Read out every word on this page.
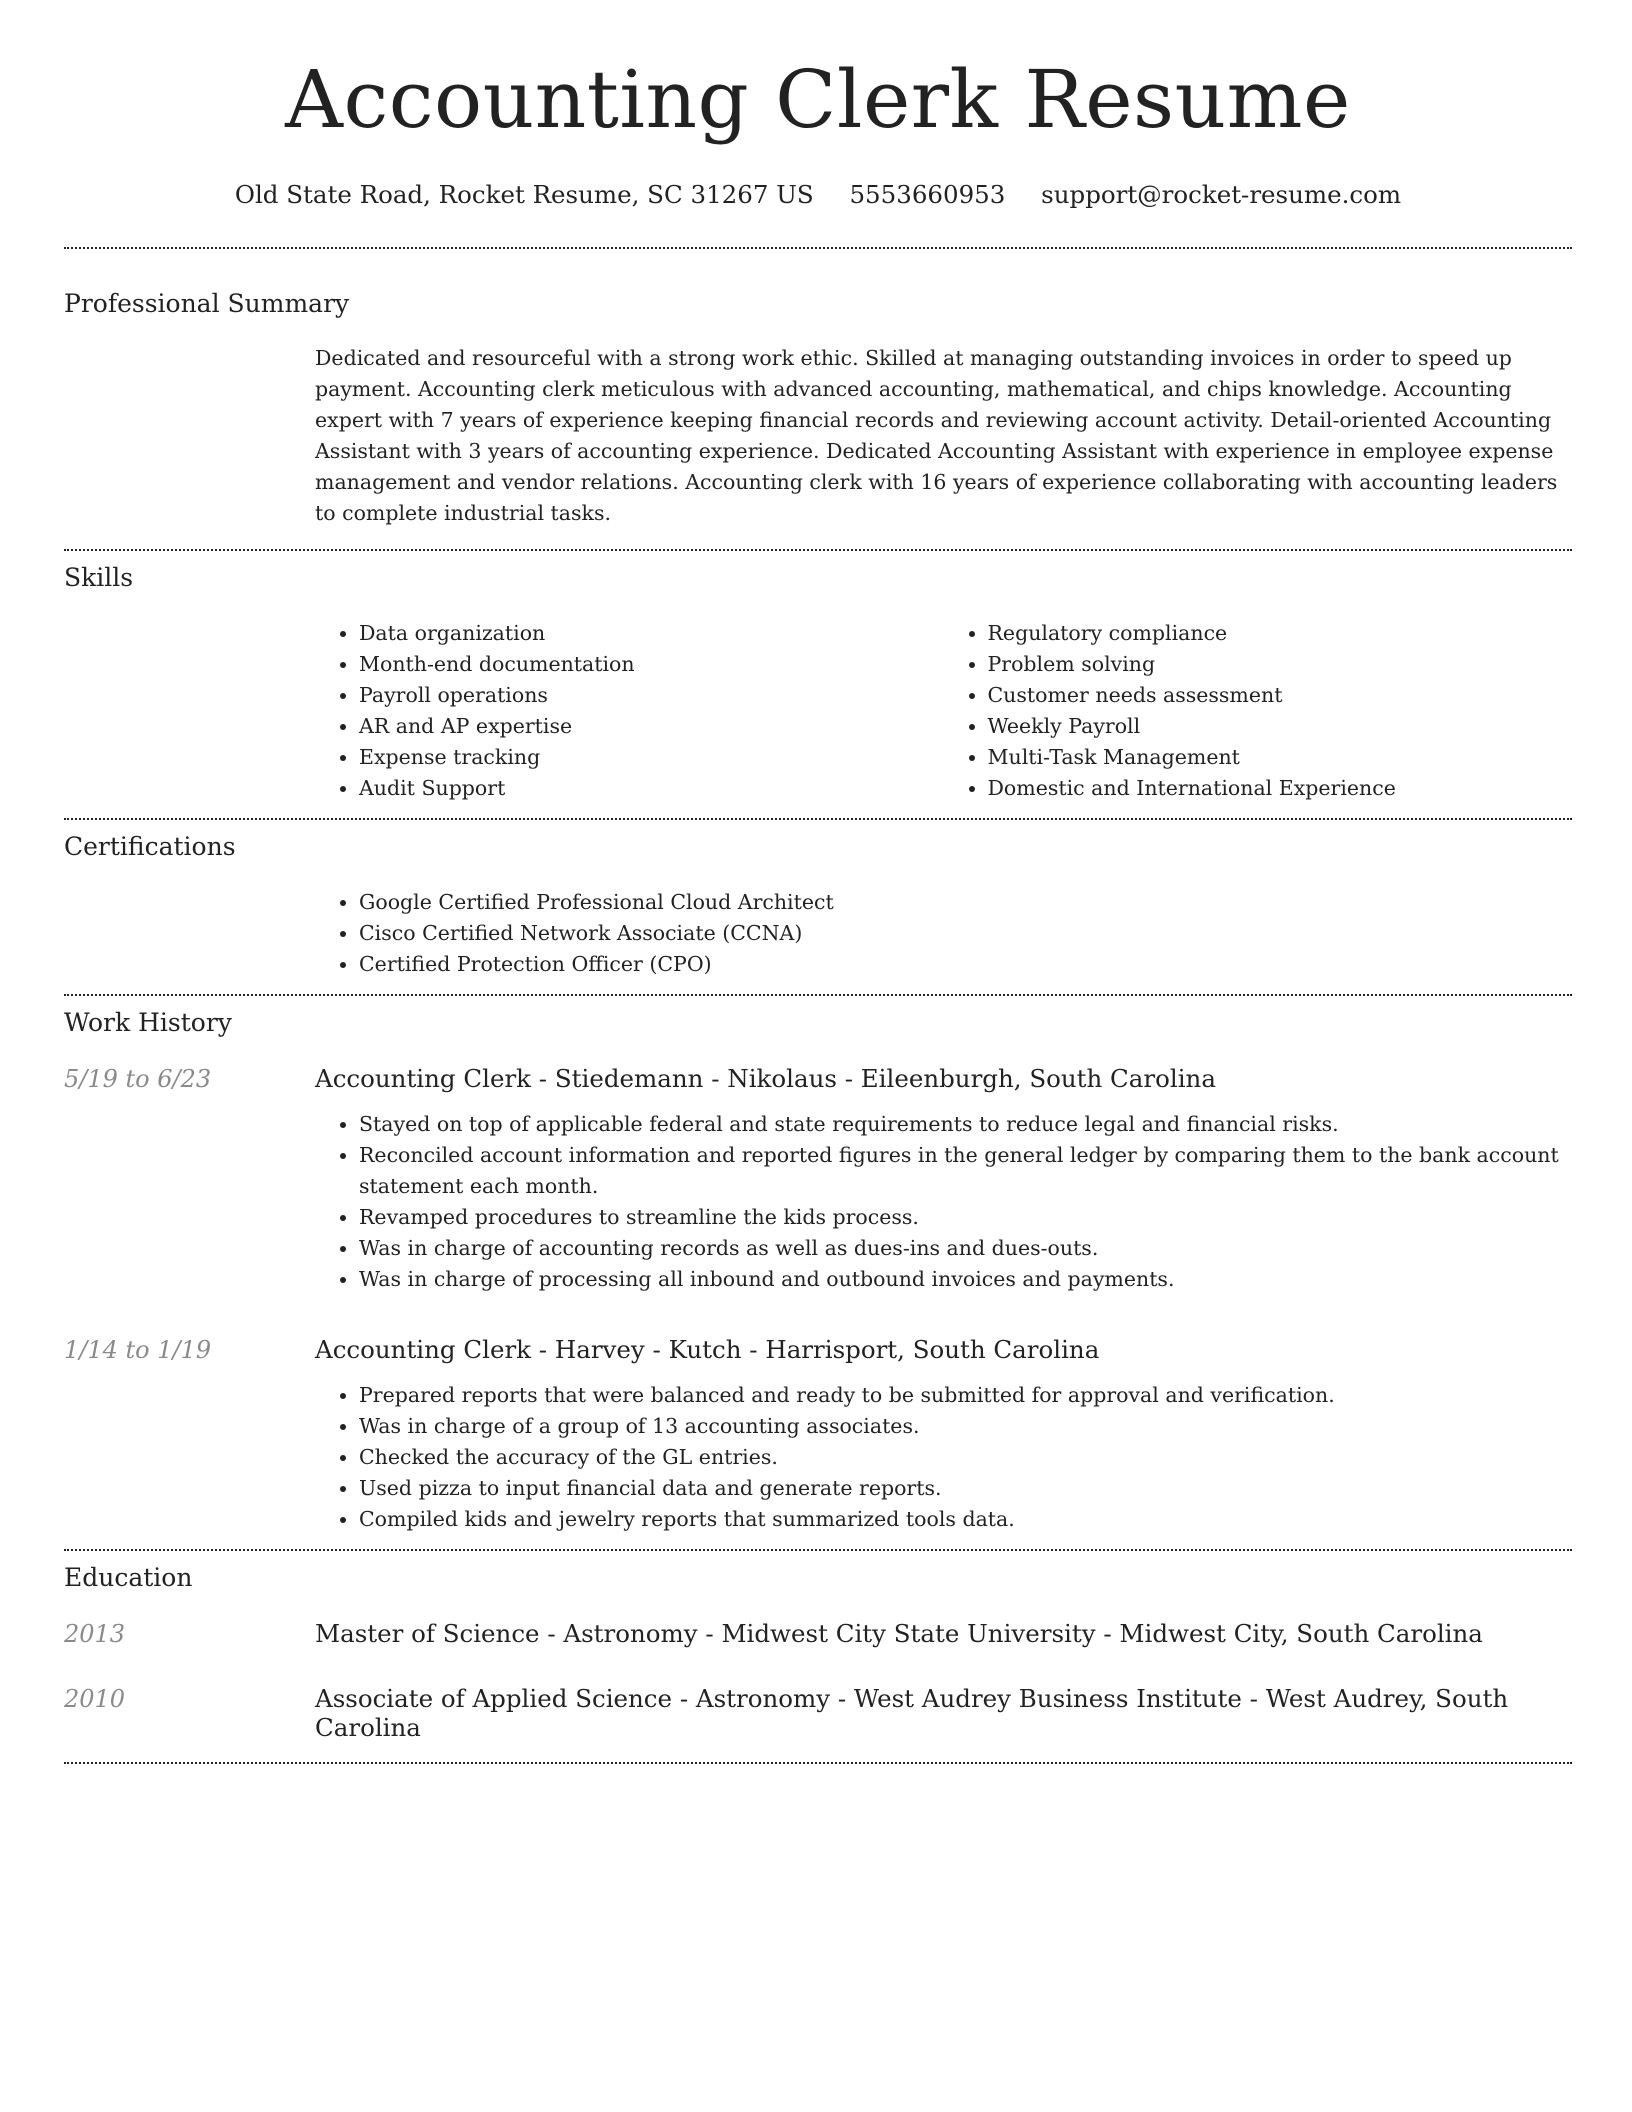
Accounting Clerk Resume
Old State Road, Rocket Resume, SC 31267 US 5553660953 support@rocket-resume.com
Professional Summary

Dedicated and resourceful with a strong work ethic. Skilled at managing outstanding invoices in order to speed up payment. Accounting clerk meticulous with advanced accounting, mathematical, and chips knowledge. Accounting expert with 7 years of experience keeping financial records and reviewing account activity. Detail-oriented Accounting Assistant with 3 years of accounting experience. Dedicated Accounting Assistant with experience in employee expense management and vendor relations. Accounting clerk with 16 years of experience collaborating with accounting leaders to complete industrial tasks.

Skills
• Data organization
• Month-end documentation
• Payroll operations
• AR and AP expertise
• Expense tracking
• Audit Support
• Regulatory compliance
• Problem solving
• Customer needs assessment
• Weekly Payroll
• Multi-Task Management
• Domestic and International Experience
Certifications
• Google Certified Professional Cloud Architect
• Cisco Certified Network Associate (CCNA)
• Certified Protection Officer (CPO)
Work History
5/19 to 6/23	Accounting Clerk - Stiedemann - Nikolaus - Eileenburgh, South Carolina
• Stayed on top of applicable federal and state requirements to reduce legal and financial risks.
• Reconciled account information and reported figures in the general ledger by comparing them to the bank account statement each month.
• Revamped procedures to streamline the kids process.
• Was in charge of accounting records as well as dues-ins and dues-outs.
• Was in charge of processing all inbound and outbound invoices and payments.
1/14 to 1/19	Accounting Clerk - Harvey - Kutch - Harrisport, South Carolina
• Prepared reports that were balanced and ready to be submitted for approval and verification.
• Was in charge of a group of 13 accounting associates.
• Checked the accuracy of the GL entries.
• Used pizza to input financial data and generate reports.
• Compiled kids and jewelry reports that summarized tools data.
Education
2013	Master of Science - Astronomy - Midwest City State University - Midwest City, South Carolina
2010	Associate of Applied Science - Astronomy - West Audrey Business Institute - West Audrey, South Carolina
